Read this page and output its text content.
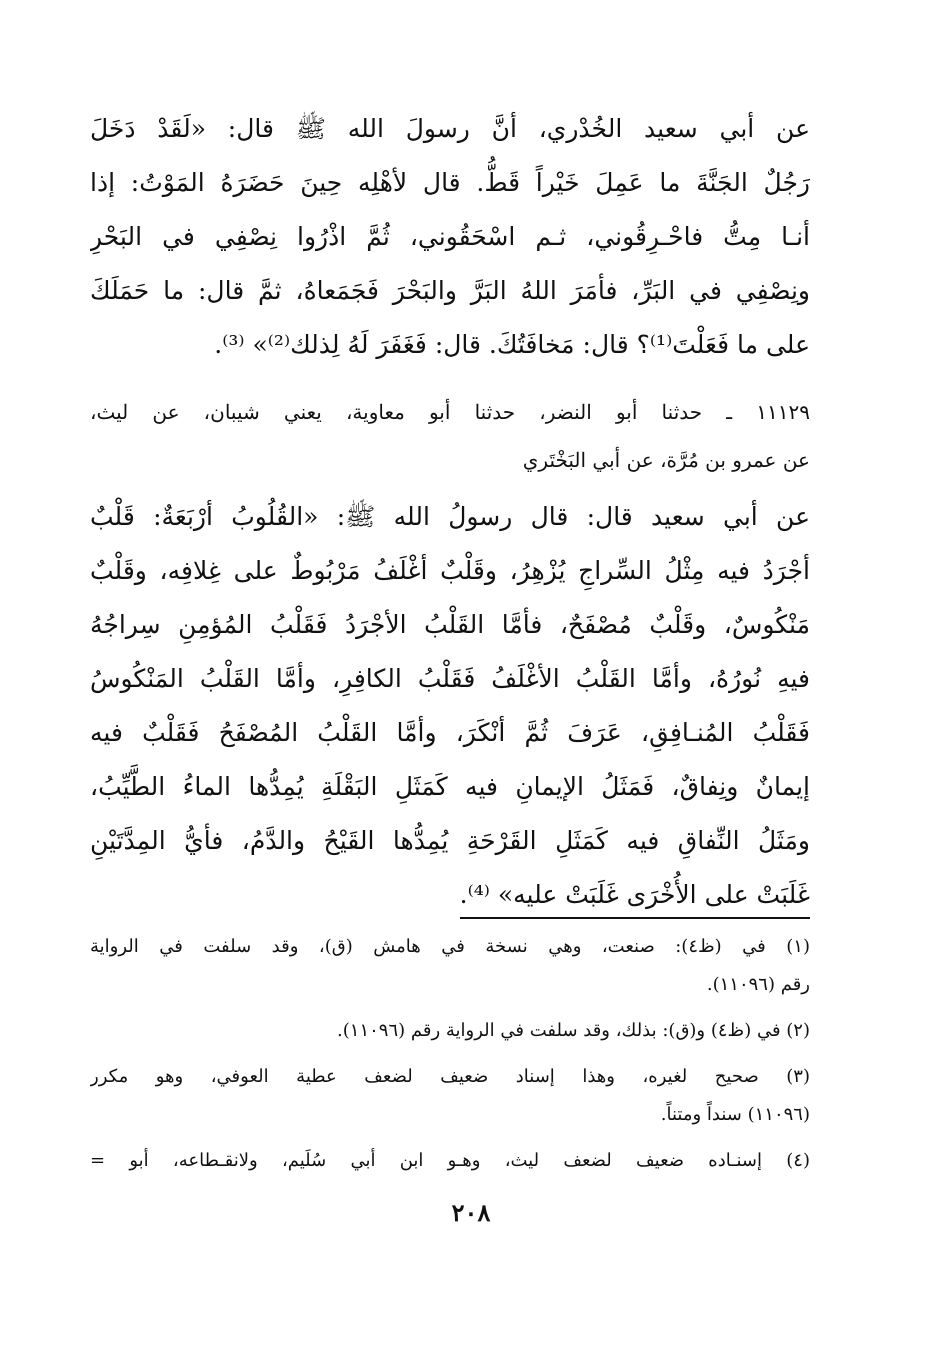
عن أبي سعيد الخُدْري، أنَّ رسولَ الله ﷺ قال: «لَقَدْ دَخَلَ
رَجُلٌ الجَنَّةَ ما عَمِلَ خَيْراً قَطُّ. قال لأهْلِه حِينَ حَضَرَهُ المَوْتُ: إذا
أنـا مِتُّ فاحْـرِقُوني، ثـم اسْحَقُوني، ثُمَّ اذْرُوا نِصْفِي في البَحْرِ
ونِصْفِي في البَرِّ، فأمَرَ اللهُ البَرَّ والبَحْرَ فَجَمَعاهُ، ثمَّ قال: ما حَمَلَكَ
على ما فَعَلْتَ⁽¹⁾؟ قال: مَخافَتُكَ. قال: فَغَفَرَ لَهُ لِذلك⁽²⁾» ⁽³⁾.
١١١٢٩ ـ حدثنا أبو النضر، حدثنا أبو معاوية، يعني شيبان، عن ليث،
عن عمرو بن مُرَّة، عن أبي البَخْتَري
عن أبي سعيد قال: قال رسولُ الله ﷺ: «القُلُوبُ أرْبَعَةٌ: قَلْبٌ
أجْرَدُ فيه مِثْلُ السِّراجِ يُزْهِرُ، وقَلْبٌ أغْلَفُ مَرْبُوطٌ على غِلافِه، وقَلْبٌ
مَنْكُوسٌ، وقَلْبٌ مُصْفَحٌ، فأمَّا القَلْبُ الأجْرَدُ فَقَلْبُ المُؤمِنِ سِراجُهُ
فيهِ نُورُهُ، وأمَّا القَلْبُ الأغْلَفُ فَقَلْبُ الكافِرِ، وأمَّا القَلْبُ المَنْكُوسُ
فَقَلْبُ المُنـافِقِ، عَرَفَ ثُمَّ أنْكَرَ، وأمَّا القَلْبُ المُصْفَحُ فَقَلْبٌ فيه
إيمانٌ ونِفاقٌ، فَمَثَلُ الإيمانِ فيه كَمَثَلِ البَقْلَةِ يُمِدُّها الماءُ الطَّيِّبُ،
ومَثَلُ النِّفاقِ فيه كَمَثَلِ القَرْحَةِ يُمِدُّها القَيْحُ والدَّمُ، فأيُّ المِدَّتَيْنِ
غَلَبَتْ على الأُخْرَى غَلَبَتْ عليه» ⁽⁴⁾.
(١) في (ظ٤): صنعت، وهي نسخة في هامش (ق)، وقد سلفت في الرواية
رقم (١١٠٩٦).
(٢) في (ظ٤) و(ق): بذلك، وقد سلفت في الرواية رقم (١١٠٩٦).
(٣) صحيح لغيره، وهذا إسناد ضعيف لضعف عطية العوفي، وهو مكرر
(١١٠٩٦) سنداً ومتناً.
(٤) إسنـاده ضعيف لضعف ليث، وهـو ابن أبي سُلَيم، ولانقـطاعه، أبو =
٢٠٨
